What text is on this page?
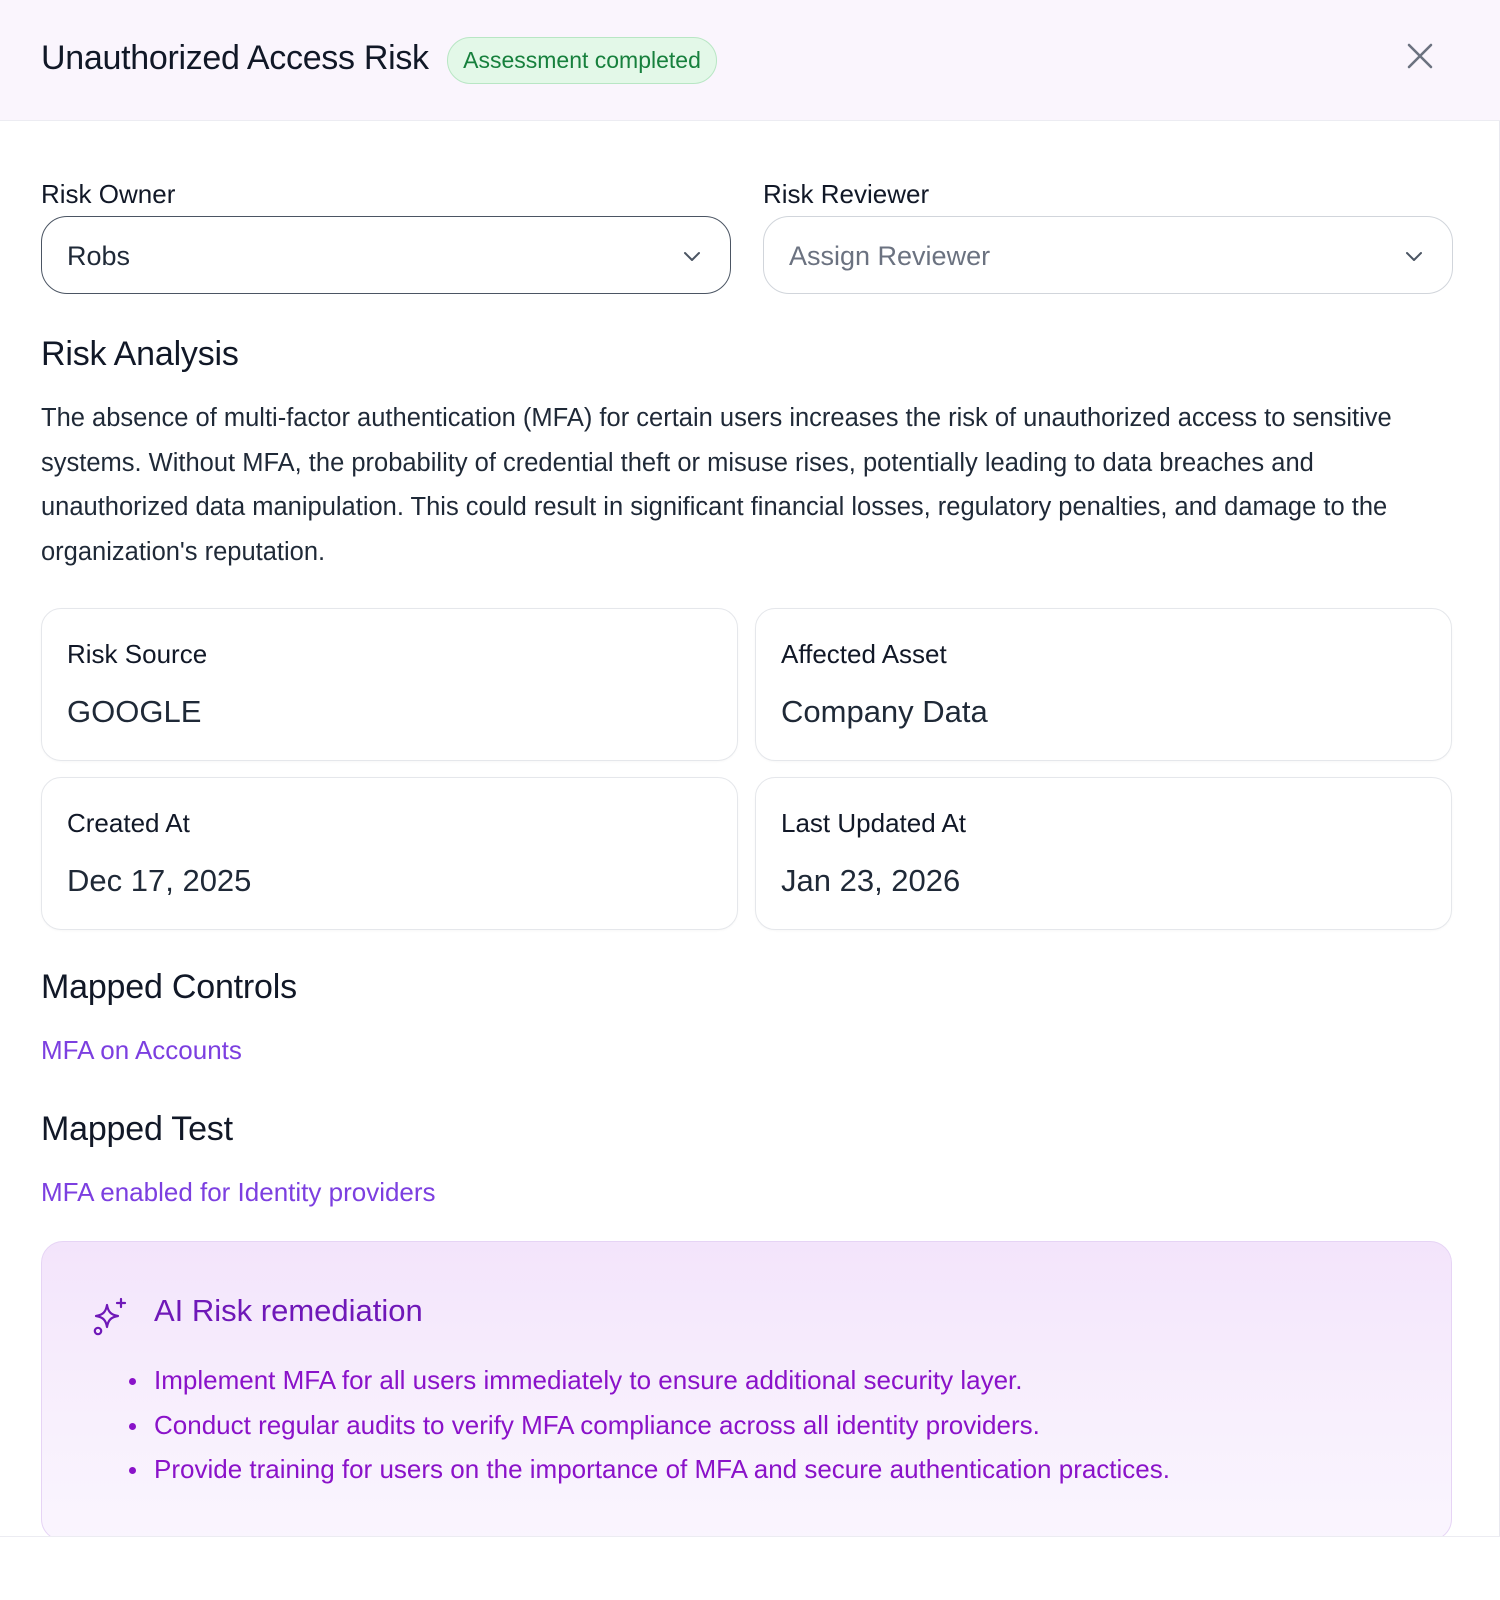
Unauthorized Access Risk	Assessment completed
Risk Owner
Robs
Risk Reviewer
Assign Reviewer
Risk Analysis
The absence of multi-factor authentication (MFA) for certain users increases the risk of unauthorized access to sensitive systems. Without MFA, the probability of credential theft or misuse rises, potentially leading to data breaches and unauthorized data manipulation. This could result in significant financial losses, regulatory penalties, and damage to the organization's reputation.
Risk Source
GOOGLE
Affected Asset
Company Data
Created At
Dec 17, 2025
Last Updated At
Jan 23, 2026
Mapped Controls
MFA on Accounts
Mapped Test
MFA enabled for Identity providers
AI Risk remediation
Implement MFA for all users immediately to ensure additional security layer.
Conduct regular audits to verify MFA compliance across all identity providers.
Provide training for users on the importance of MFA and secure authentication practices.
